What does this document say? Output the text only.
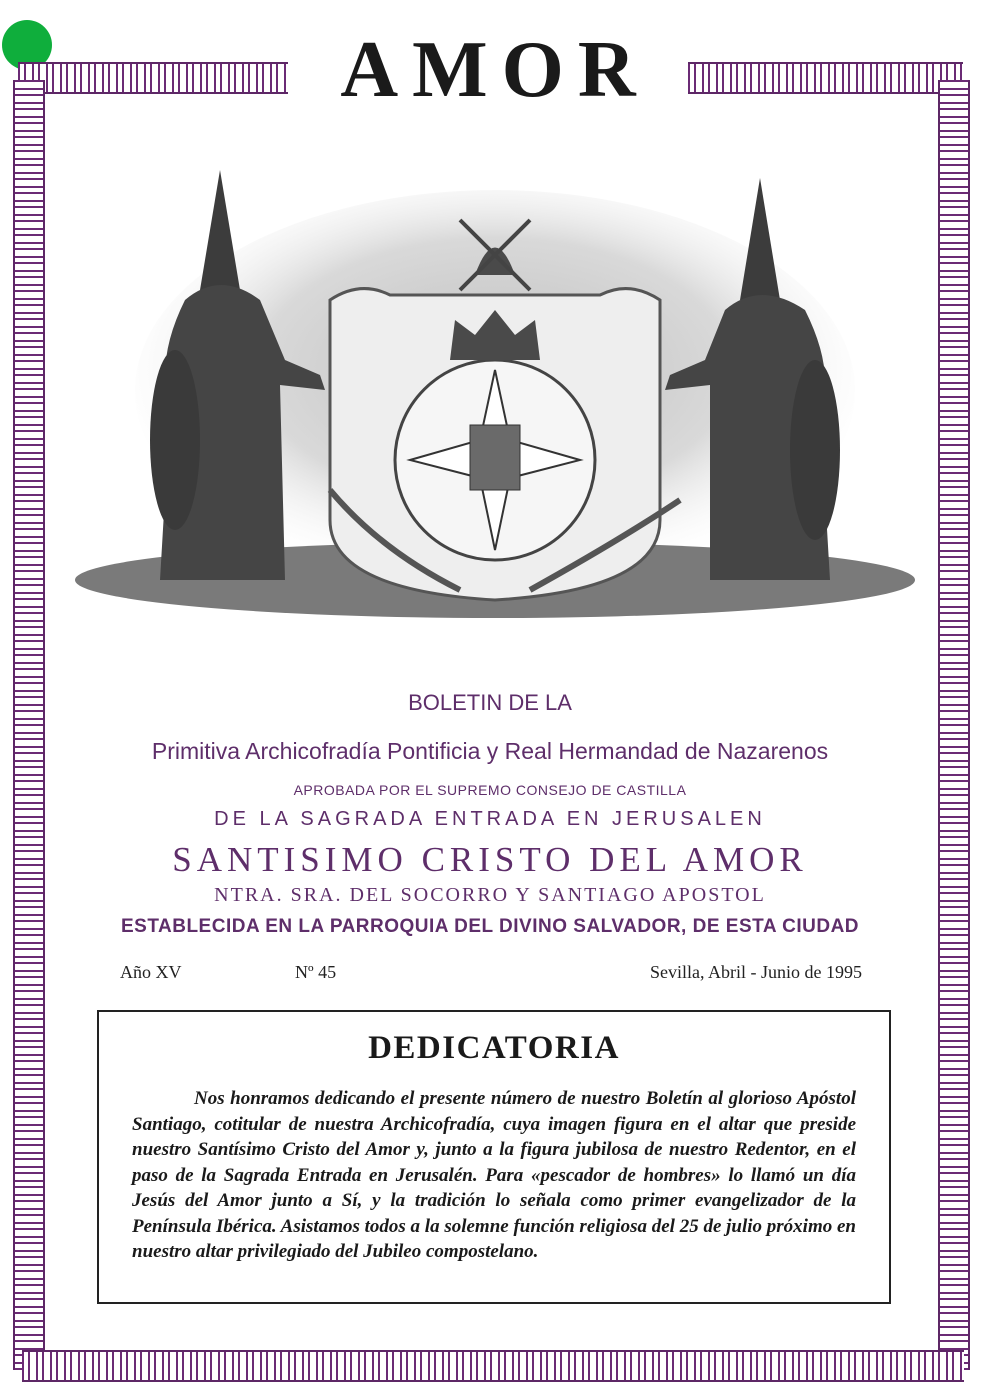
AMOR
BOLETIN DE LA
Primitiva Archicofradía Pontificia y Real Hermandad de Nazarenos
APROBADA POR EL SUPREMO CONSEJO DE CASTILLA
DE LA SAGRADA ENTRADA EN JERUSALEN
SANTISIMO CRISTO DEL AMOR
NTRA. SRA. DEL SOCORRO Y SANTIAGO APOSTOL
ESTABLECIDA EN LA PARROQUIA DEL DIVINO SALVADOR, DE ESTA CIUDAD
Año XV	Nº 45	Sevilla, Abril - Junio de 1995
DEDICATORIA
Nos honramos dedicando el presente número de nuestro Boletín al glorioso Apóstol Santiago, cotitular de nuestra Archicofradía, cuya imagen figura en el altar que preside nuestro Santísimo Cristo del Amor y, junto a la figura jubilosa de nuestro Redentor, en el paso de la Sagrada Entrada en Jerusalén. Para «pescador de hombres» lo llamó un día Jesús del Amor junto a Sí, y la tradición lo señala como primer evangelizador de la Península Ibérica. Asistamos todos a la solemne función religiosa del 25 de julio próximo en nuestro altar privilegiado del Jubileo compostelano.
